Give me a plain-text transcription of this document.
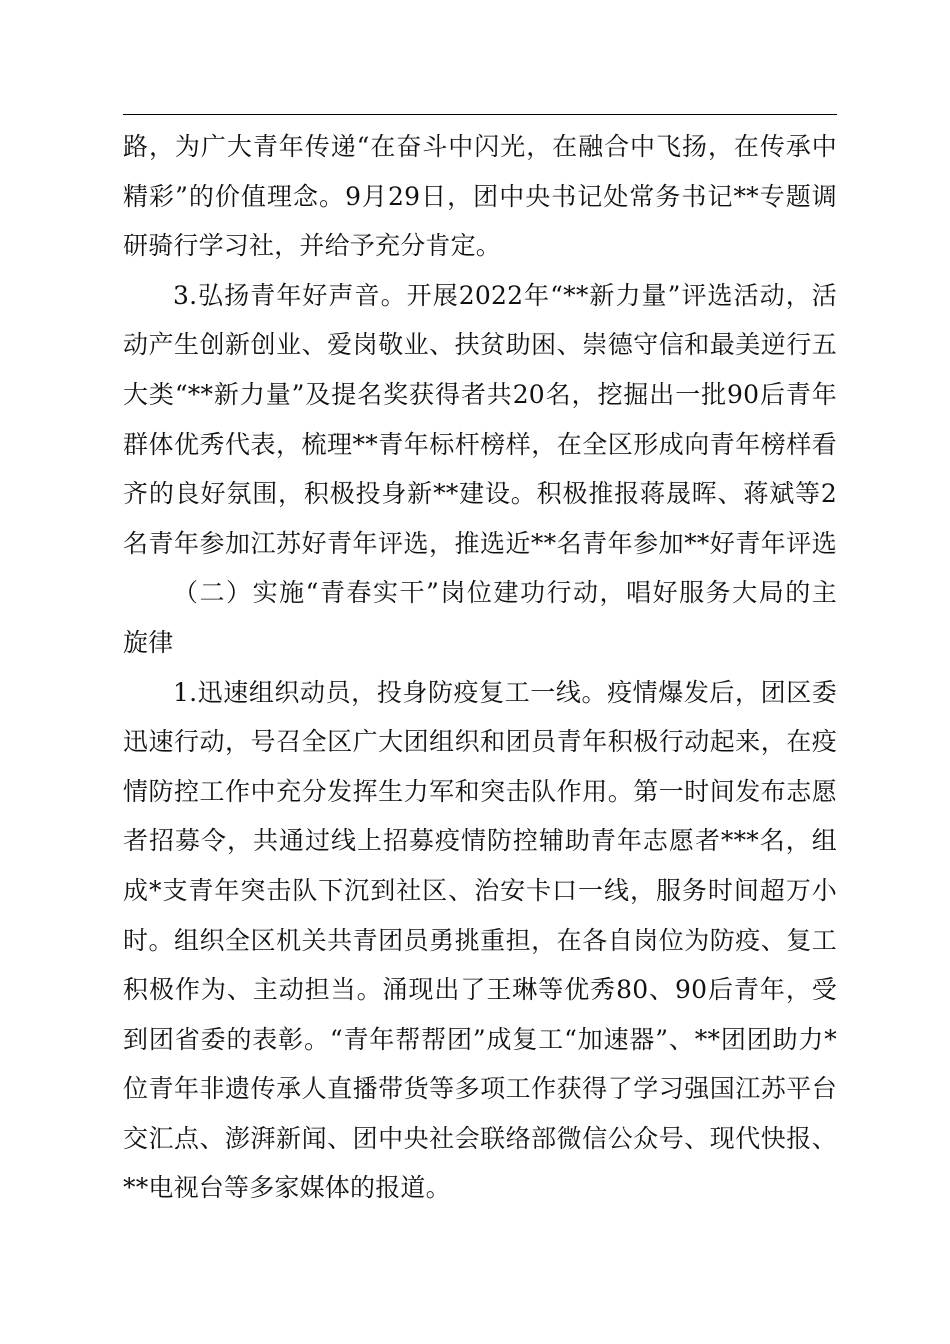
路，为广大青年传递“在奋斗中闪光，在融合中飞扬，在传承中
精彩”的价值理念。9月29日，团中央书记处常务书记**专题调
研骑行学习社，并给予充分肯定。
3.弘扬青年好声音。开展2022年“**新力量”评选活动，活
动产生创新创业、爱岗敬业、扶贫助困、崇德守信和最美逆行五
大类“**新力量”及提名奖获得者共20名，挖掘出一批90后青年
群体优秀代表，梳理**青年标杆榜样，在全区形成向青年榜样看
齐的良好氛围，积极投身新**建设。积极推报蒋晟晖、蒋斌等2
名青年参加江苏好青年评选，推选近**名青年参加**好青年评选
（二）实施“青春实干”岗位建功行动，唱好服务大局的主
旋律
1.迅速组织动员，投身防疫复工一线。疫情爆发后，团区委
迅速行动，号召全区广大团组织和团员青年积极行动起来，在疫
情防控工作中充分发挥生力军和突击队作用。第一时间发布志愿
者招募令，共通过线上招募疫情防控辅助青年志愿者***名，组
成*支青年突击队下沉到社区、治安卡口一线，服务时间超万小
时。组织全区机关共青团员勇挑重担，在各自岗位为防疫、复工
积极作为、主动担当。涌现出了王琳等优秀80、90后青年，受
到团省委的表彰。“青年帮帮团”成复工“加速器”、**团团助力*
位青年非遗传承人直播带货等多项工作获得了学习强国江苏平台
交汇点、澎湃新闻、团中央社会联络部微信公众号、现代快报、
**电视台等多家媒体的报道。
